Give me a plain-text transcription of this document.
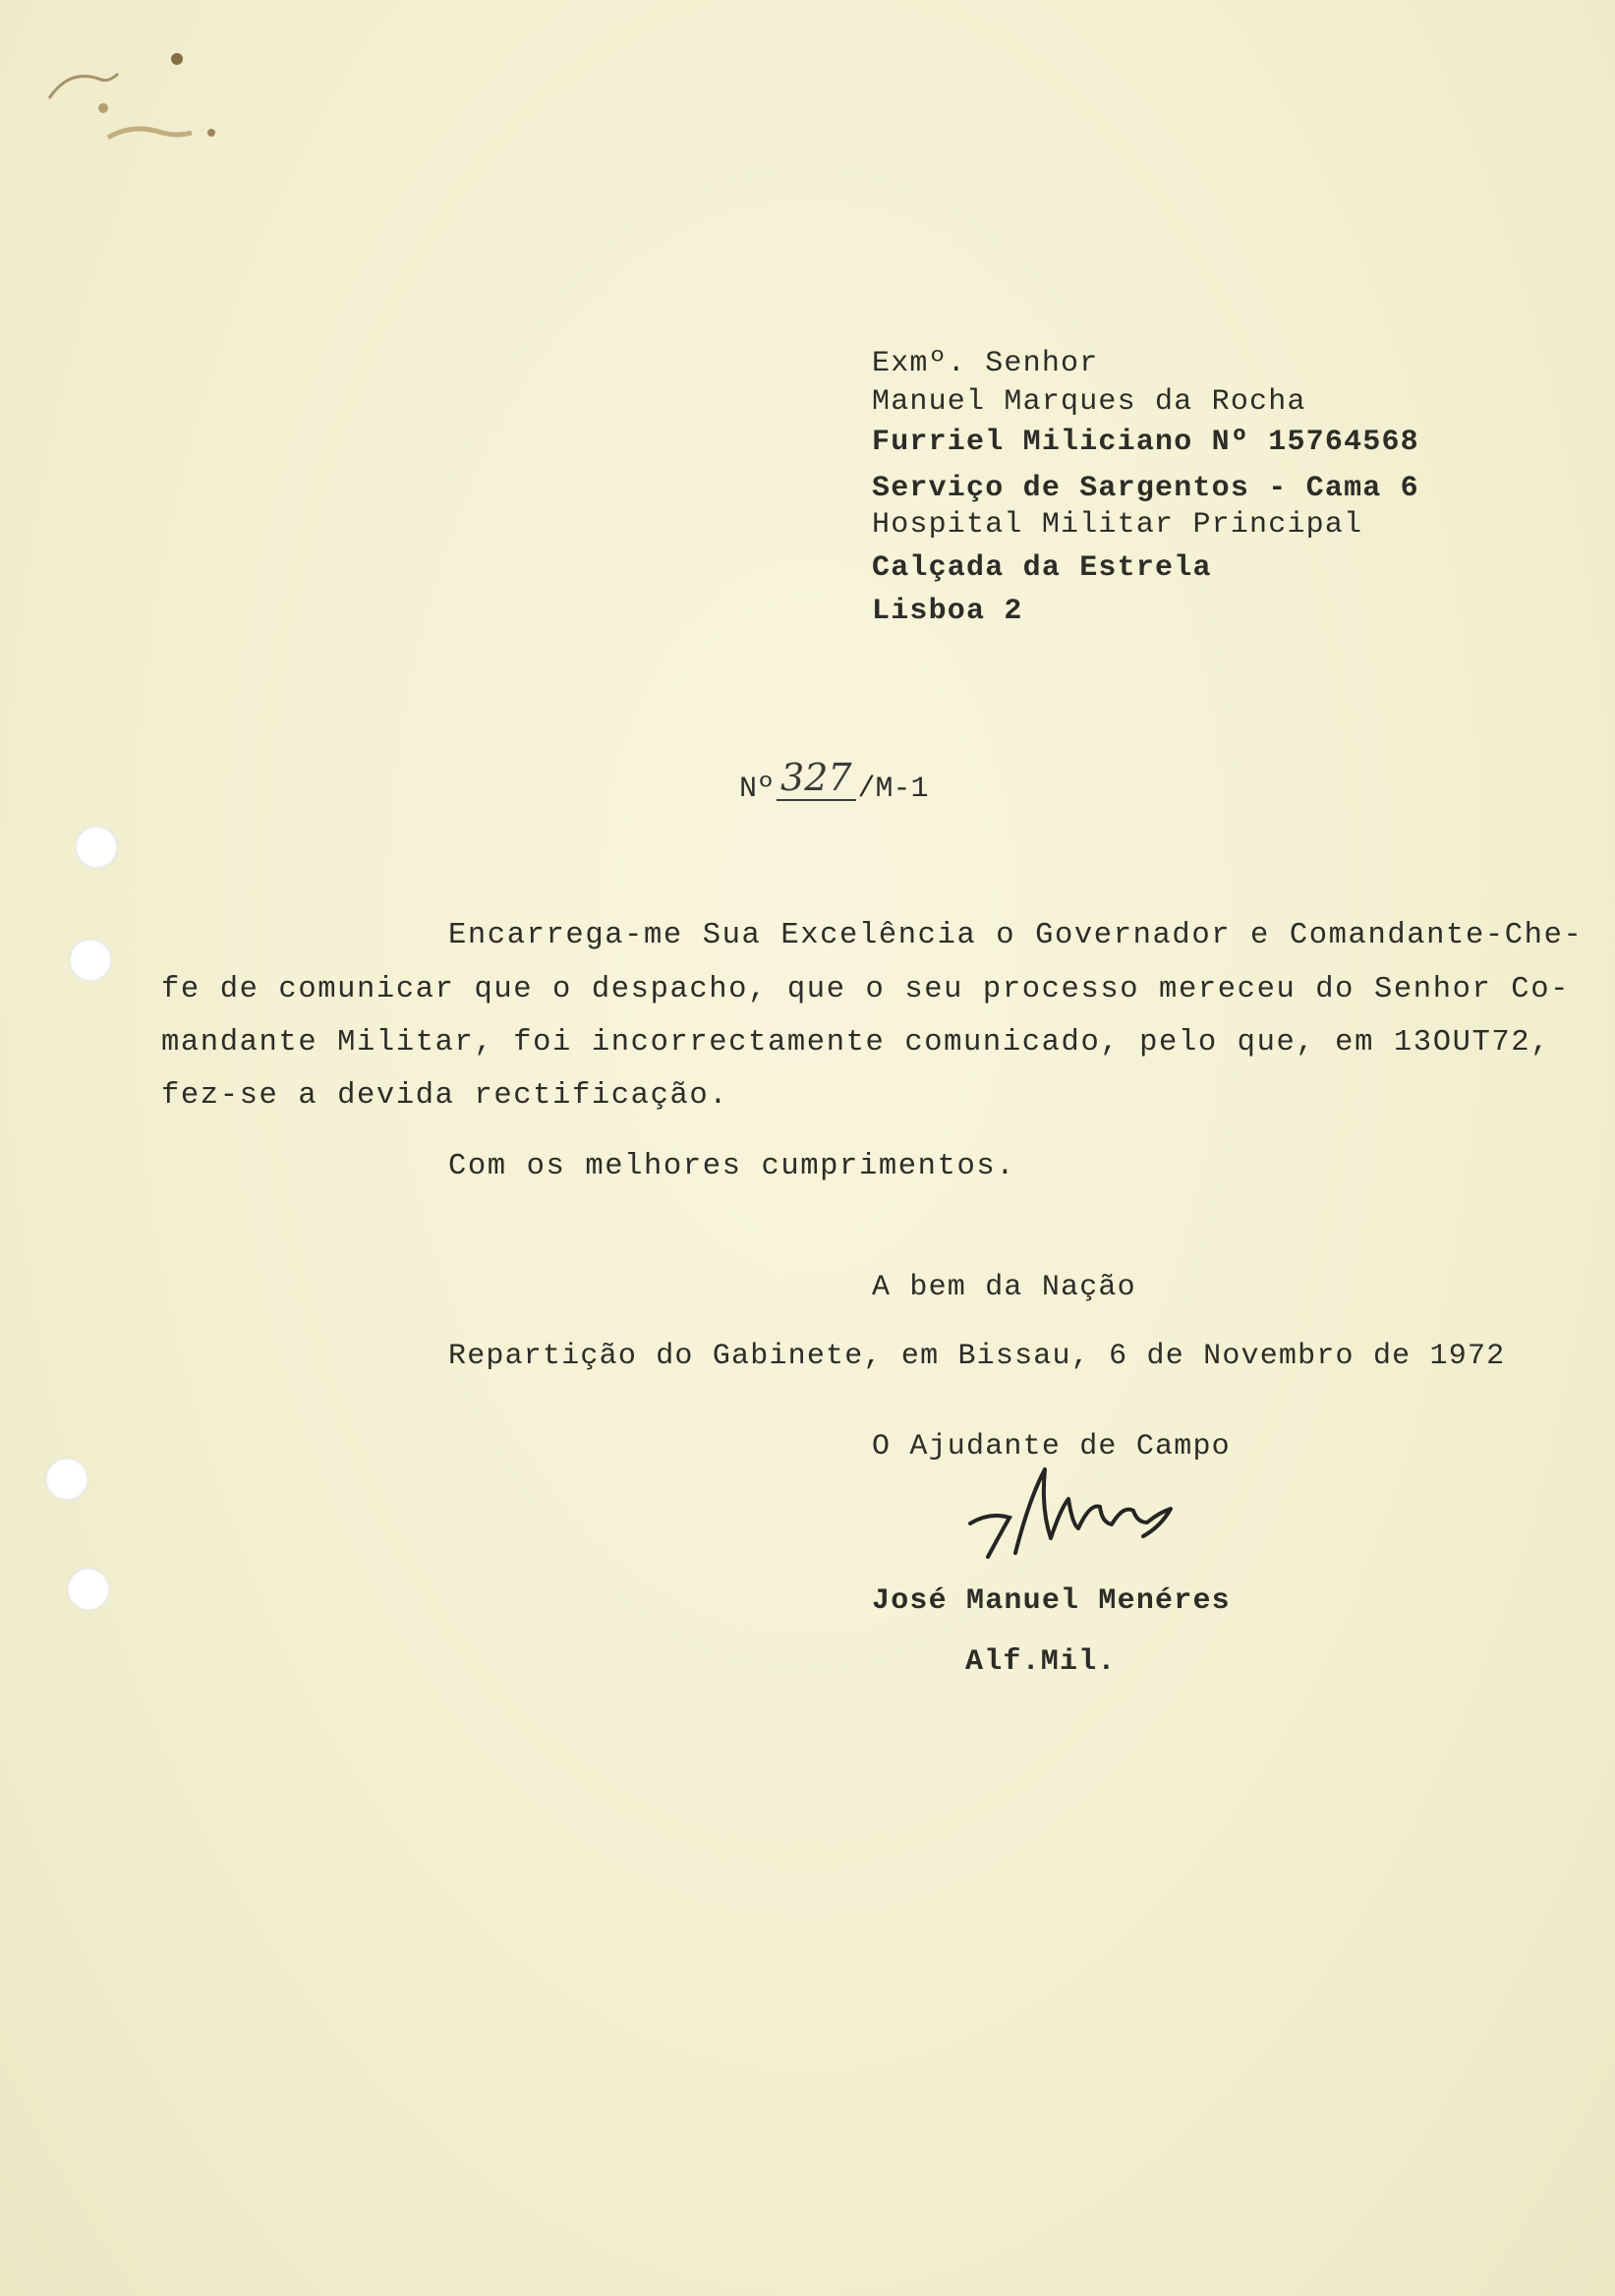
Exmº. Senhor
Manuel Marques da Rocha
Furriel Miliciano Nº 15764568
Serviço de Sargentos - Cama 6
Hospital Militar Principal
Calçada da Estrela
Lisboa 2
Nº 327 /M-1
Encarrega-me Sua Excelência o Governador e Comandante-Che-
fe de comunicar que o despacho, que o seu processo mereceu do Senhor Co-
mandante Militar, foi incorrectamente comunicado, pelo que, em 13OUT72,
fez-se a devida rectificação.
Com os melhores cumprimentos.
A bem da Nação
Repartição do Gabinete, em Bissau, 6 de Novembro de 1972
O Ajudante de Campo
José Manuel Menéres
Alf.Mil.
